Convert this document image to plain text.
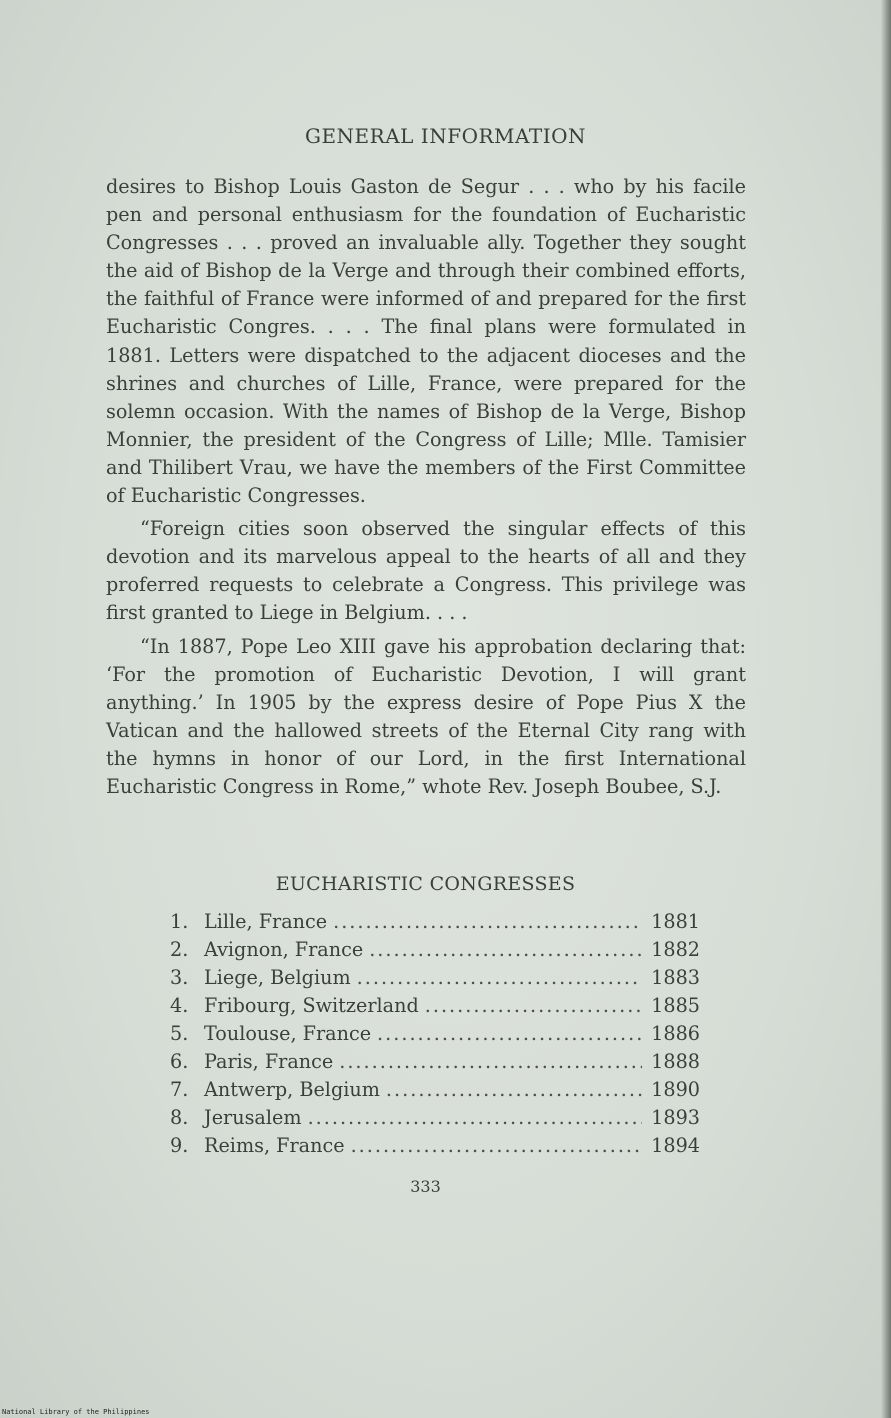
GENERAL INFORMATION

desires to Bishop Louis Gaston de Segur . . . who by his facile pen and personal enthusiasm for the foundation of Eucharistic Congresses . . . proved an invaluable ally. Together they sought the aid of Bishop de la Verge and through their combined efforts, the faithful of France were informed of and prepared for the first Eucharistic Congres. . . . The final plans were formulated in 1881. Letters were dispatched to the adjacent dioceses and the shrines and churches of Lille, France, were prepared for the solemn occasion. With the names of Bishop de la Verge, Bishop Monnier, the president of the Congress of Lille; Mlle. Tamisier and Thilibert Vrau, we have the members of the First Committee of Eucharistic Congresses.

“Foreign cities soon observed the singular effects of this devotion and its marvelous appeal to the hearts of all and they proferred requests to celebrate a Congress. This privilege was first granted to Liege in Belgium. . . .

“In 1887, Pope Leo XIII gave his approbation declaring that: ‘For the promotion of Eucharistic Devotion, I will grant anything.’ In 1905 by the express desire of Pope Pius X the Vatican and the hallowed streets of the Eternal City rang with the hymns in honor of our Lord, in the first International Eucharistic Congress in Rome,” whote Rev. Joseph Boubee, S.J.

EUCHARISTIC CONGRESSES
1. Lille, France .....	1881
2. Avignon, France .....	1882
3. Liege, Belgium .....	1883
4. Fribourg, Switzerland .....	1885
5. Toulouse, France .....	1886
6. Paris, France .....	1888
7. Antwerp, Belgium .....	1890
8. Jerusalem .....	1893
9. Reims, France .....	1894
333
National Library of the Philippines
